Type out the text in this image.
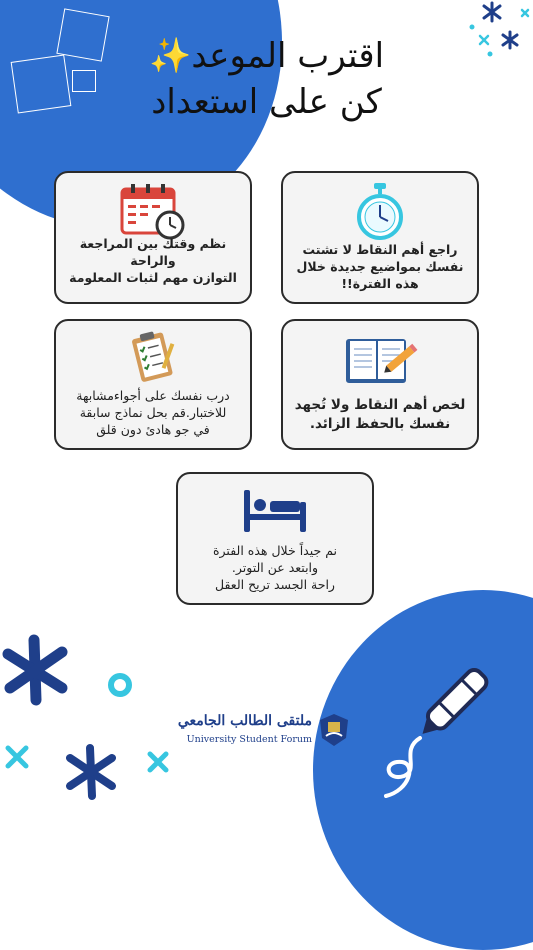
اقترب الموعد✨
كن على استعداد
راجع أهم النقاط لا تشتت
نفسك بمواضيع جديدة خلال
هذه الفترة!!
نظم وقتك بين المراجعة والراحة
التوازن مهم لثبات المعلومة
لخص أهم النقاط ولا تُجهد
نفسك بالحفظ الزائد.
درب نفسك على أجواءمشابهة
للاختبار.قم بحل نماذج سابقة
في جو هادئ دون قلق
نم جيداً خلال هذه الفترة
وابتعد عن التوتر.
راحة الجسد تريح العقل
ملتقى الطالب الجامعي
University Student Forum
